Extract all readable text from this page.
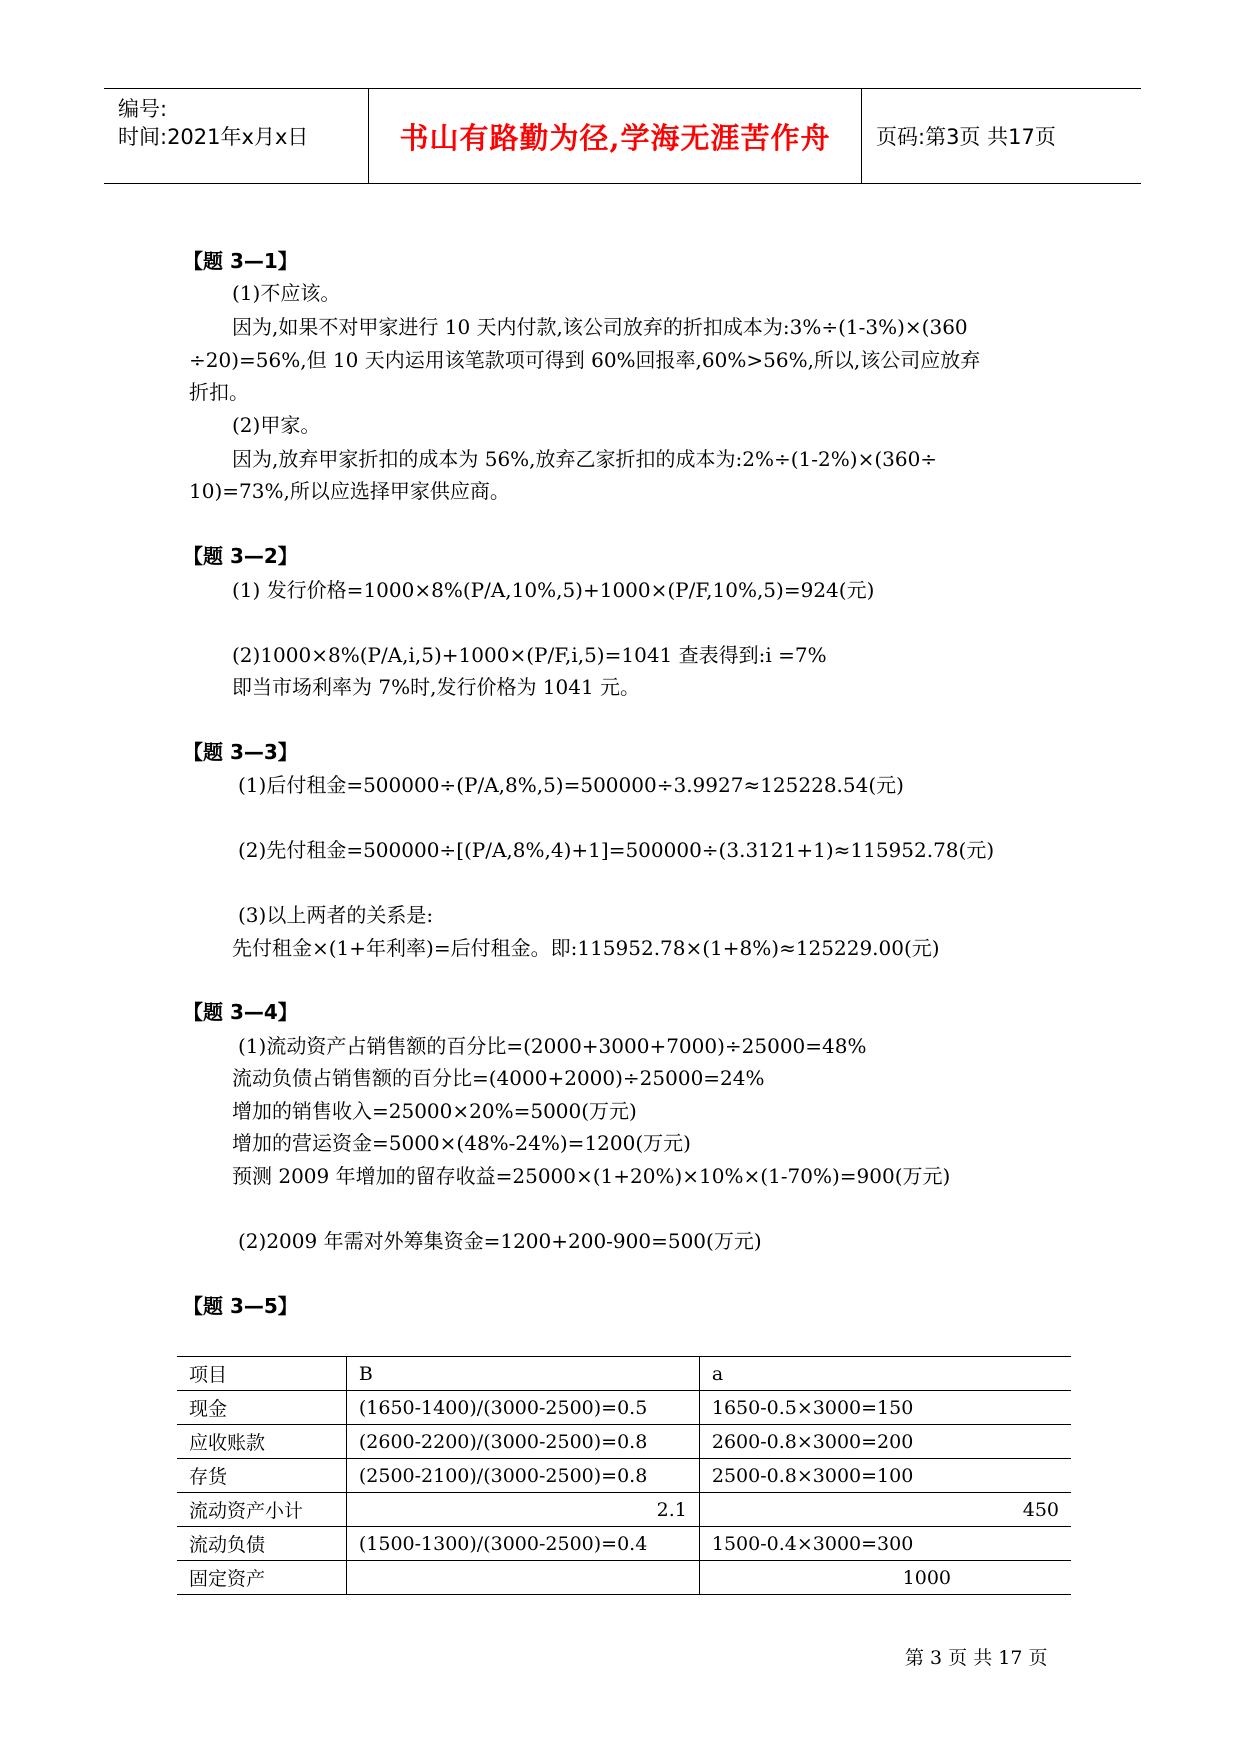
编号:
时间:2021年x月x日	书山有路勤为径,学海无涯苦作舟 页码:第3页 共17页
【题 3—1】
(1)不应该。
因为,如果不对甲家进行 10 天内付款,该公司放弃的折扣成本为:3%÷(1-3%)×(360
÷20)=56%,但 10 天内运用该笔款项可得到 60%回报率,60%>56%,所以,该公司应放弃
折扣。
(2)甲家。
因为,放弃甲家折扣的成本为 56%,放弃乙家折扣的成本为:2%÷(1-2%)×(360÷
10)=73%,所以应选择甲家供应商。
【题 3—2】
(1) 发行价格=1000×8%(P/A,10%,5)+1000×(P/F,10%,5)=924(元)
(2)1000×8%(P/A,i,5)+1000×(P/F,i,5)=1041 查表得到:i =7%
即当市场利率为 7%时,发行价格为 1041 元。
【题 3—3】
(1)后付租金=500000÷(P/A,8%,5)=500000÷3.9927≈125228.54(元)
(2)先付租金=500000÷[(P/A,8%,4)+1]=500000÷(3.3121+1)≈115952.78(元)
(3)以上两者的关系是:
先付租金×(1+年利率)=后付租金。即:115952.78×(1+8%)≈125229.00(元)
【题 3—4】
(1)流动资产占销售额的百分比=(2000+3000+7000)÷25000=48%
流动负债占销售额的百分比=(4000+2000)÷25000=24%
增加的销售收入=25000×20%=5000(万元)
增加的营运资金=5000×(48%-24%)=1200(万元)
预测 2009 年增加的留存收益=25000×(1+20%)×10%×(1-70%)=900(万元)
(2)2009 年需对外筹集资金=1200+200-900=500(万元)
【题 3—5】
项目	B	a
现金	(1650-1400)/(3000-2500)=0.5	1650-0.5×3000=150
应收账款	(2600-2200)/(3000-2500)=0.8	2600-0.8×3000=200
存货	(2500-2100)/(3000-2500)=0.8	2500-0.8×3000=100
流动资产小计	2.1	450
流动负债	(1500-1300)/(3000-2500)=0.4	1500-0.4×3000=300
固定资产		1000
第 3 页 共 17 页
